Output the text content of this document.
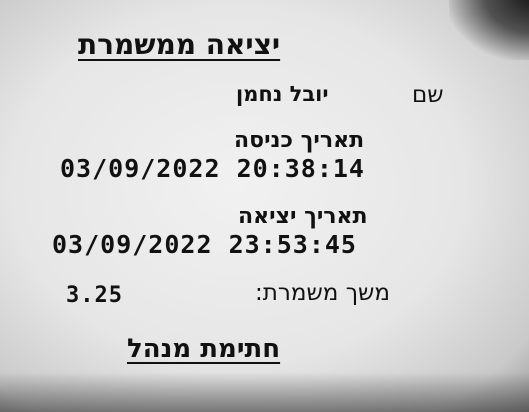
יציאה ממשמרת
שם
יובל נחמן
תאריך כניסה
03/09/2022 20:38:14
תאריך יציאה
03/09/2022 23:53:45
משך משמרת:
3.25
חתימת מנהל
